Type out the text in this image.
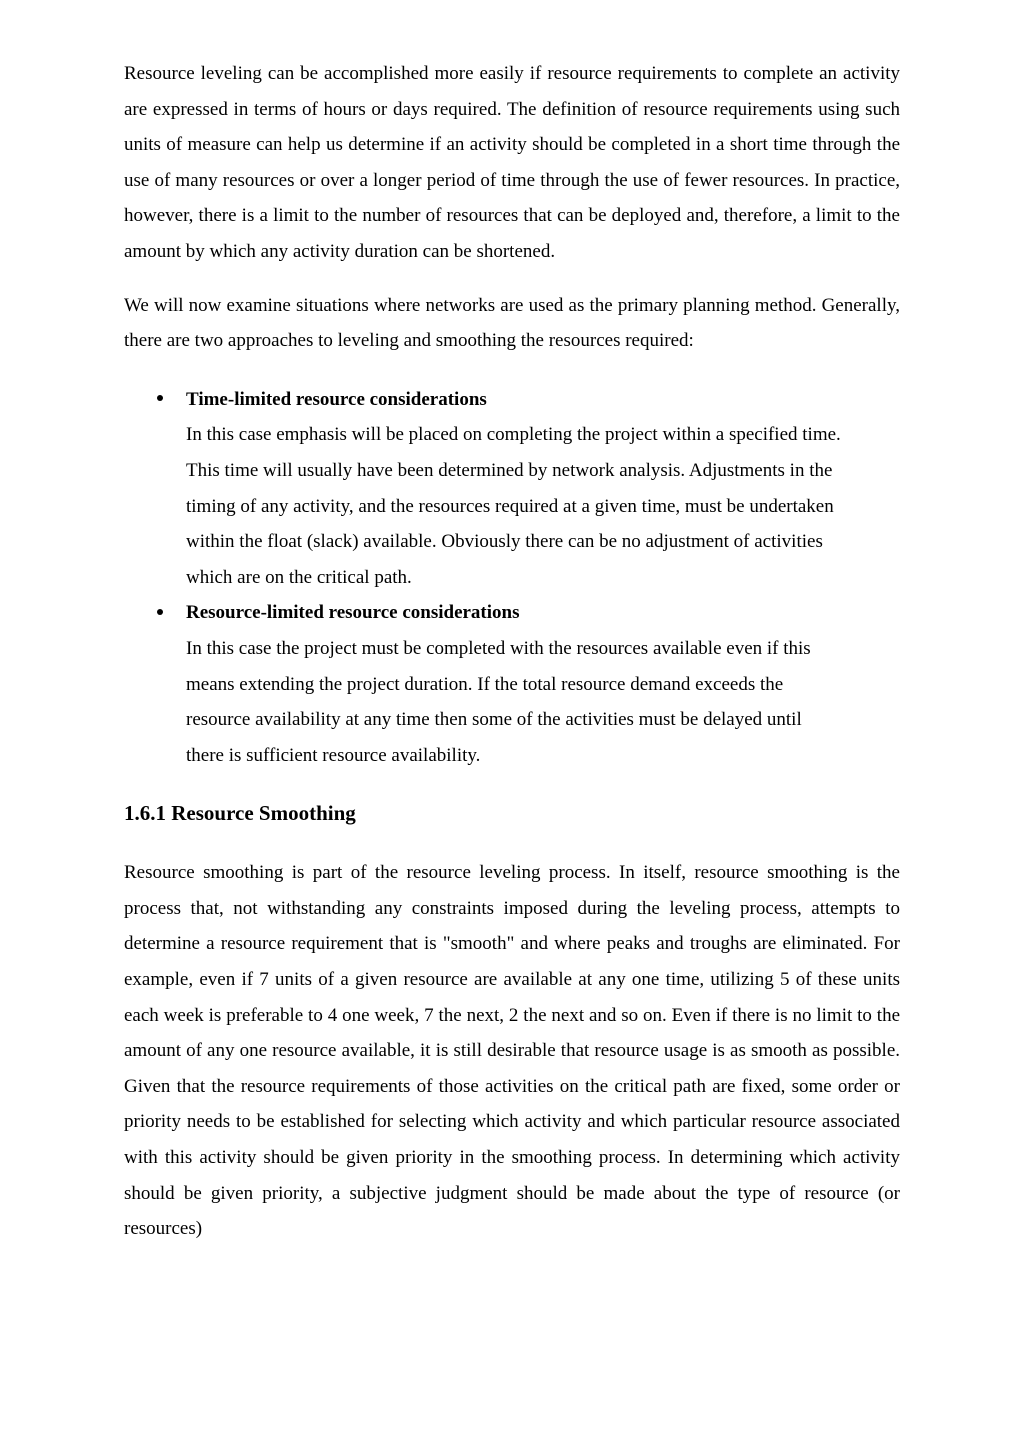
Resource leveling can be accomplished more easily if resource requirements to complete an activity are expressed in terms of hours or days required. The definition of resource requirements using such units of measure can help us determine if an activity should be completed in a short time through the use of many resources or over a longer period of time through the use of fewer resources. In practice, however, there is a limit to the number of resources that can be deployed and, therefore, a limit to the amount by which any activity duration can be shortened.

We will now examine situations where networks are used as the primary planning method. Generally, there are two approaches to leveling and smoothing the resources required:

Time-limited resource considerations
In this case emphasis will be placed on completing the project within a specified time.
This time will usually have been determined by network analysis. Adjustments in the
timing of any activity, and the resources required at a given time, must be undertaken
within the float (slack) available. Obviously there can be no adjustment of activities
which are on the critical path.
Resource-limited resource considerations
In this case the project must be completed with the resources available even if this
means extending the project duration. If the total resource demand exceeds the
resource availability at any time then some of the activities must be delayed until
there is sufficient resource availability.
1.6.1 Resource Smoothing

Resource smoothing is part of the resource leveling process. In itself, resource smoothing is the process that, not withstanding any constraints imposed during the leveling process, attempts to determine a resource requirement that is "smooth" and where peaks and troughs are eliminated. For example, even if 7 units of a given resource are available at any one time, utilizing 5 of these units each week is preferable to 4 one week, 7 the next, 2 the next and so on. Even if there is no limit to the amount of any one resource available, it is still desirable that resource usage is as smooth as possible. Given that the resource requirements of those activities on the critical path are fixed, some order or priority needs to be established for selecting which activity and which particular resource associated with this activity should be given priority in the smoothing process. In determining which activity should be given priority, a subjective judgment should be made about the type of resource (or resources)
